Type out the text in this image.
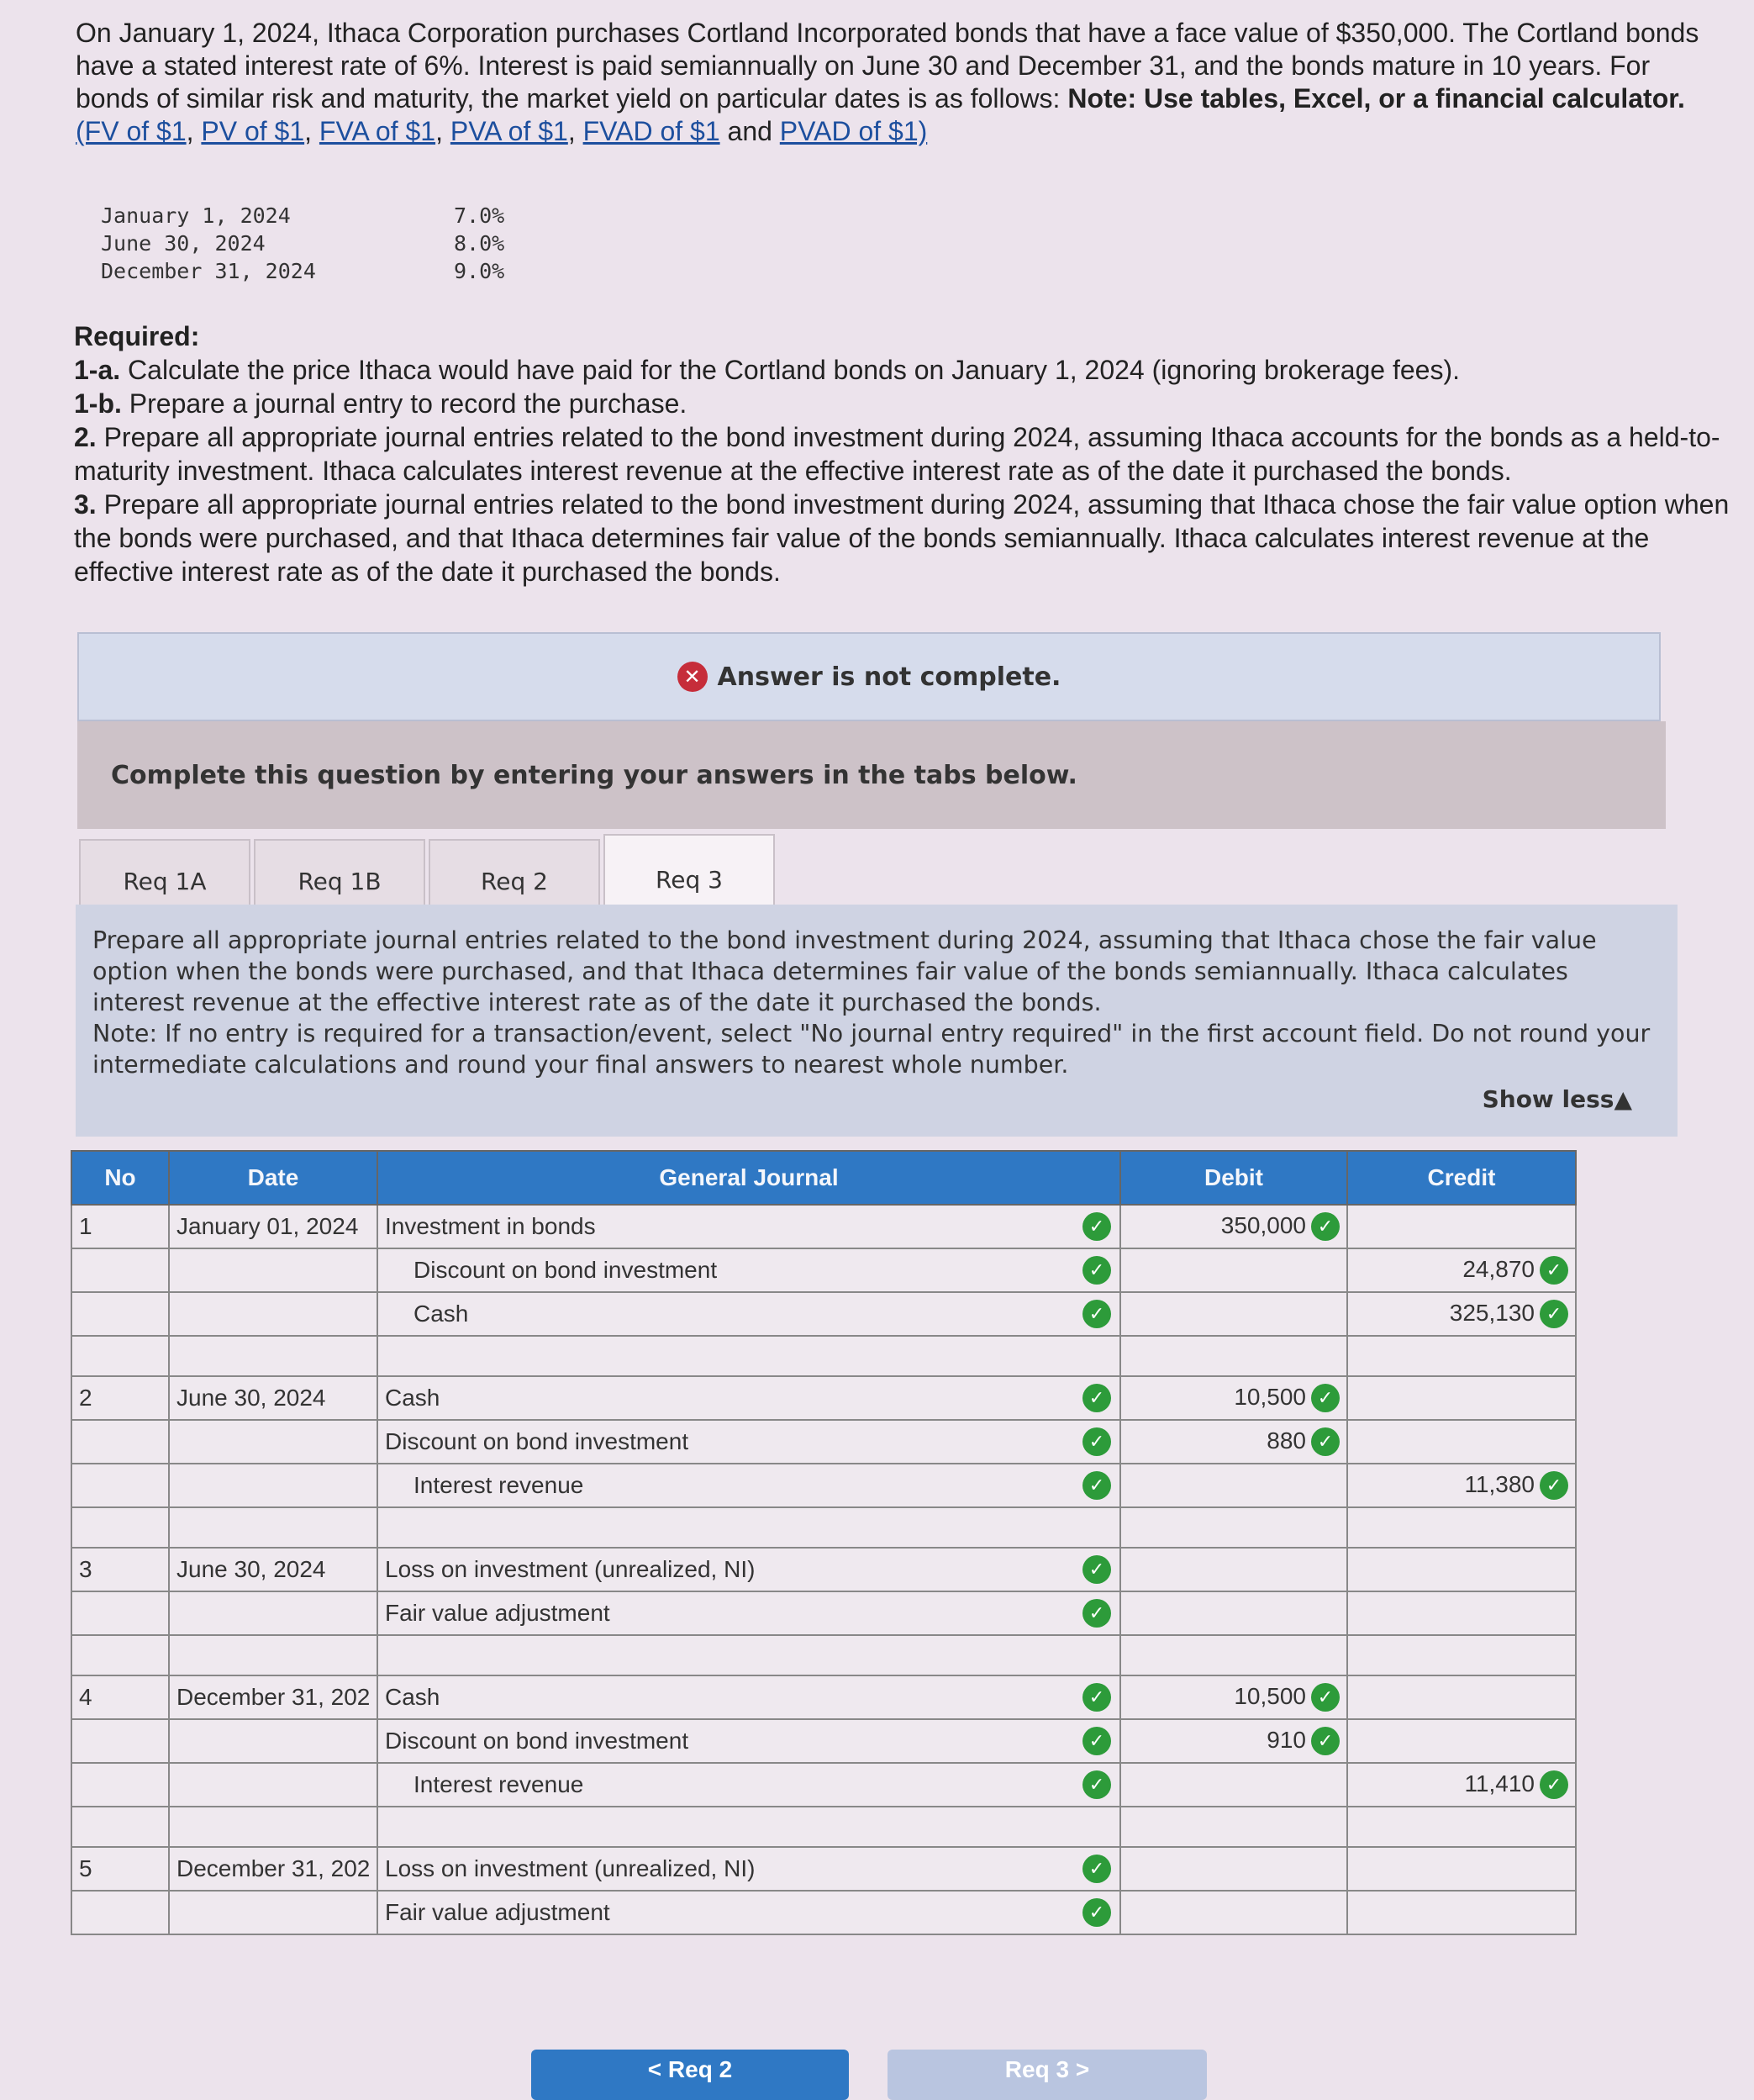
On January 1, 2024, Ithaca Corporation purchases Cortland Incorporated bonds that have a face value of $350,000. The Cortland bonds have a stated interest rate of 6%. Interest is paid semiannually on June 30 and December 31, and the bonds mature in 10 years. For bonds of similar risk and maturity, the market yield on particular dates is as follows: Note: Use tables, Excel, or a financial calculator. (FV of $1, PV of $1, FVA of $1, PVA of $1, FVAD of $1 and PVAD of $1)

January 1, 2024	7.0%
June 30, 2024	8.0%
December 31, 2024	9.0%

Required:

1-a. Calculate the price Ithaca would have paid for the Cortland bonds on January 1, 2024 (ignoring brokerage fees).

1-b. Prepare a journal entry to record the purchase.

2. Prepare all appropriate journal entries related to the bond investment during 2024, assuming Ithaca accounts for the bonds as a held-to-maturity investment. Ithaca calculates interest revenue at the effective interest rate as of the date it purchased the bonds.

3. Prepare all appropriate journal entries related to the bond investment during 2024, assuming that Ithaca chose the fair value option when the bonds were purchased, and that Ithaca determines fair value of the bonds semiannually. Ithaca calculates interest revenue at the effective interest rate as of the date it purchased the bonds.

✕ Answer is not complete.
Complete this question by entering your answers in the tabs below.
Req 1A	Req 1B	Req 2	Req 3

Prepare all appropriate journal entries related to the bond investment during 2024, assuming that Ithaca chose the fair value option when the bonds were purchased, and that Ithaca determines fair value of the bonds semiannually. Ithaca calculates interest revenue at the effective interest rate as of the date it purchased the bonds.

Note: If no entry is required for a transaction/event, select "No journal entry required" in the first account field. Do not round your intermediate calculations and round your final answers to nearest whole number.

Show less▲
No	Date	General Journal	Debit	Credit
1	January 01, 2024	Investment in bonds ✓	350,000 ✓	
		Discount on bond investment ✓		24,870 ✓
		Cash ✓		325,130 ✓

2	June 30, 2024	Cash ✓	10,500 ✓	
		Discount on bond investment ✓	880 ✓	
		Interest revenue ✓		11,380 ✓

3	June 30, 2024	Loss on investment (unrealized, NI) ✓		

		Fair value adjustment ✓		

4	December 31, 202	Cash ✓	10,500 ✓	
		Discount on bond investment ✓	910 ✓	
		Interest revenue ✓		11,410 ✓

5	December 31, 202	Loss on investment (unrealized, NI) ✓		

		Fair value adjustment ✓		

< Req 2	Req 3 >
